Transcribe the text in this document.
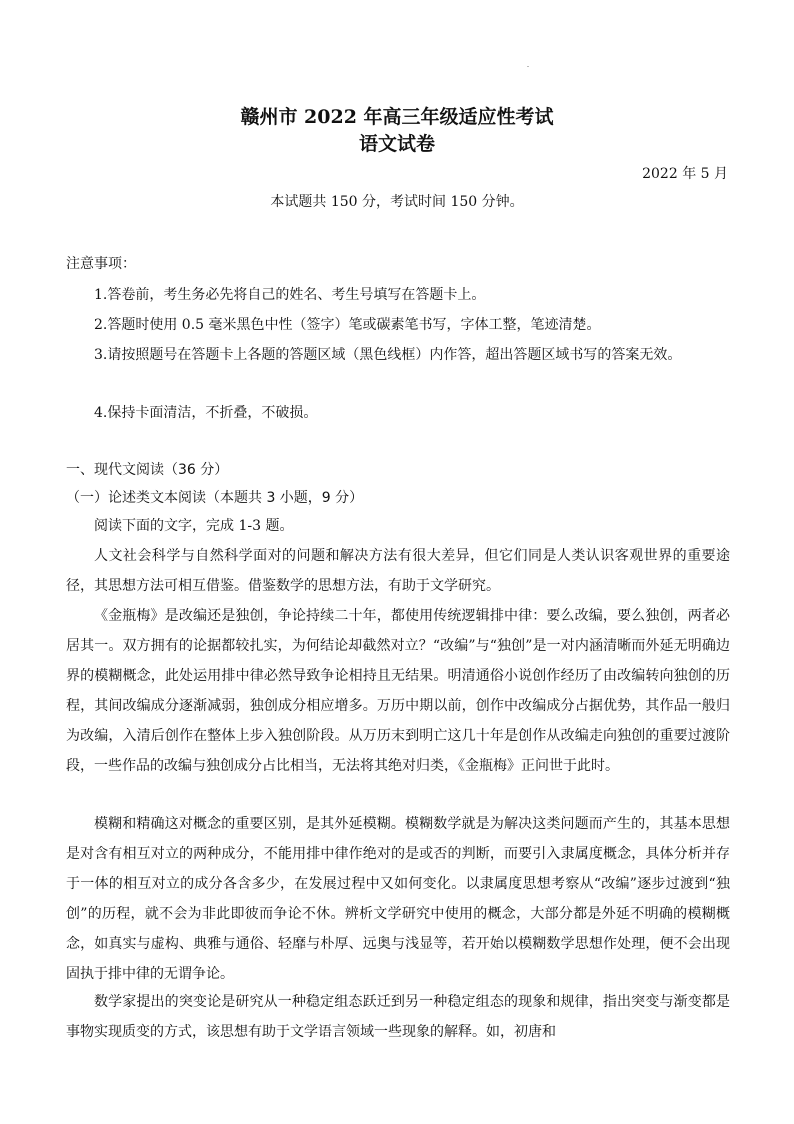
赣州市 2022 年高三年级适应性考试
语文试卷
2022 年 5 月
本试题共 150 分，考试时间 150 分钟。
注意事项：
1.答卷前，考生务必先将自己的姓名、考生号填写在答题卡上。
2.答题时使用 0.5 毫米黑色中性（签字）笔或碳素笔书写，字体工整，笔迹清楚。
3.请按照题号在答题卡上各题的答题区域（黑色线框）内作答，超出答题区域书写的答案无效。
4.保持卡面清洁，不折叠，不破损。
一、现代文阅读（36 分）
（一）论述类文本阅读（本题共 3 小题，9 分）
阅读下面的文字，完成 1-3 题。
人文社会科学与自然科学面对的问题和解决方法有很大差异，但它们同是人类认识客观世界的重要途径，其思想方法可相互借鉴。借鉴数学的思想方法，有助于文学研究。
《金瓶梅》是改编还是独创，争论持续二十年，都使用传统逻辑排中律：要么改编，要么独创，两者必居其一。双方拥有的论据都较扎实，为何结论却截然对立？“改编”与“独创”是一对内涵清晰而外延无明确边界的模糊概念，此处运用排中律必然导致争论相持且无结果。明清通俗小说创作经历了由改编转向独创的历程，其间改编成分逐渐减弱，独创成分相应增多。万历中期以前，创作中改编成分占据优势，其作品一般归为改编，入清后创作在整体上步入独创阶段。从万历末到明亡这几十年是创作从改编走向独创的重要过渡阶段，一些作品的改编与独创成分占比相当，无法将其绝对归类，《金瓶梅》正问世于此时。
模糊和精确这对概念的重要区别，是其外延模糊。模糊数学就是为解决这类问题而产生的，其基本思想是对含有相互对立的两种成分，不能用排中律作绝对的是或否的判断，而要引入隶属度概念，具体分析并存于一体的相互对立的成分各含多少，在发展过程中又如何变化。以隶属度思想考察从“改编”逐步过渡到“独创”的历程，就不会为非此即彼而争论不休。辨析文学研究中使用的概念，大部分都是外延不明确的模糊概念，如真实与虚构、典雅与通俗、轻靡与朴厚、远奥与浅显等，若开始以模糊数学思想作处理，便不会出现固执于排中律的无谓争论。
数学家提出的突变论是研究从一种稳定组态跃迁到另一种稳定组态的现象和规律，指出突变与渐变都是事物实现质变的方式，该思想有助于文学语言领域一些现象的解释。如，初唐和
